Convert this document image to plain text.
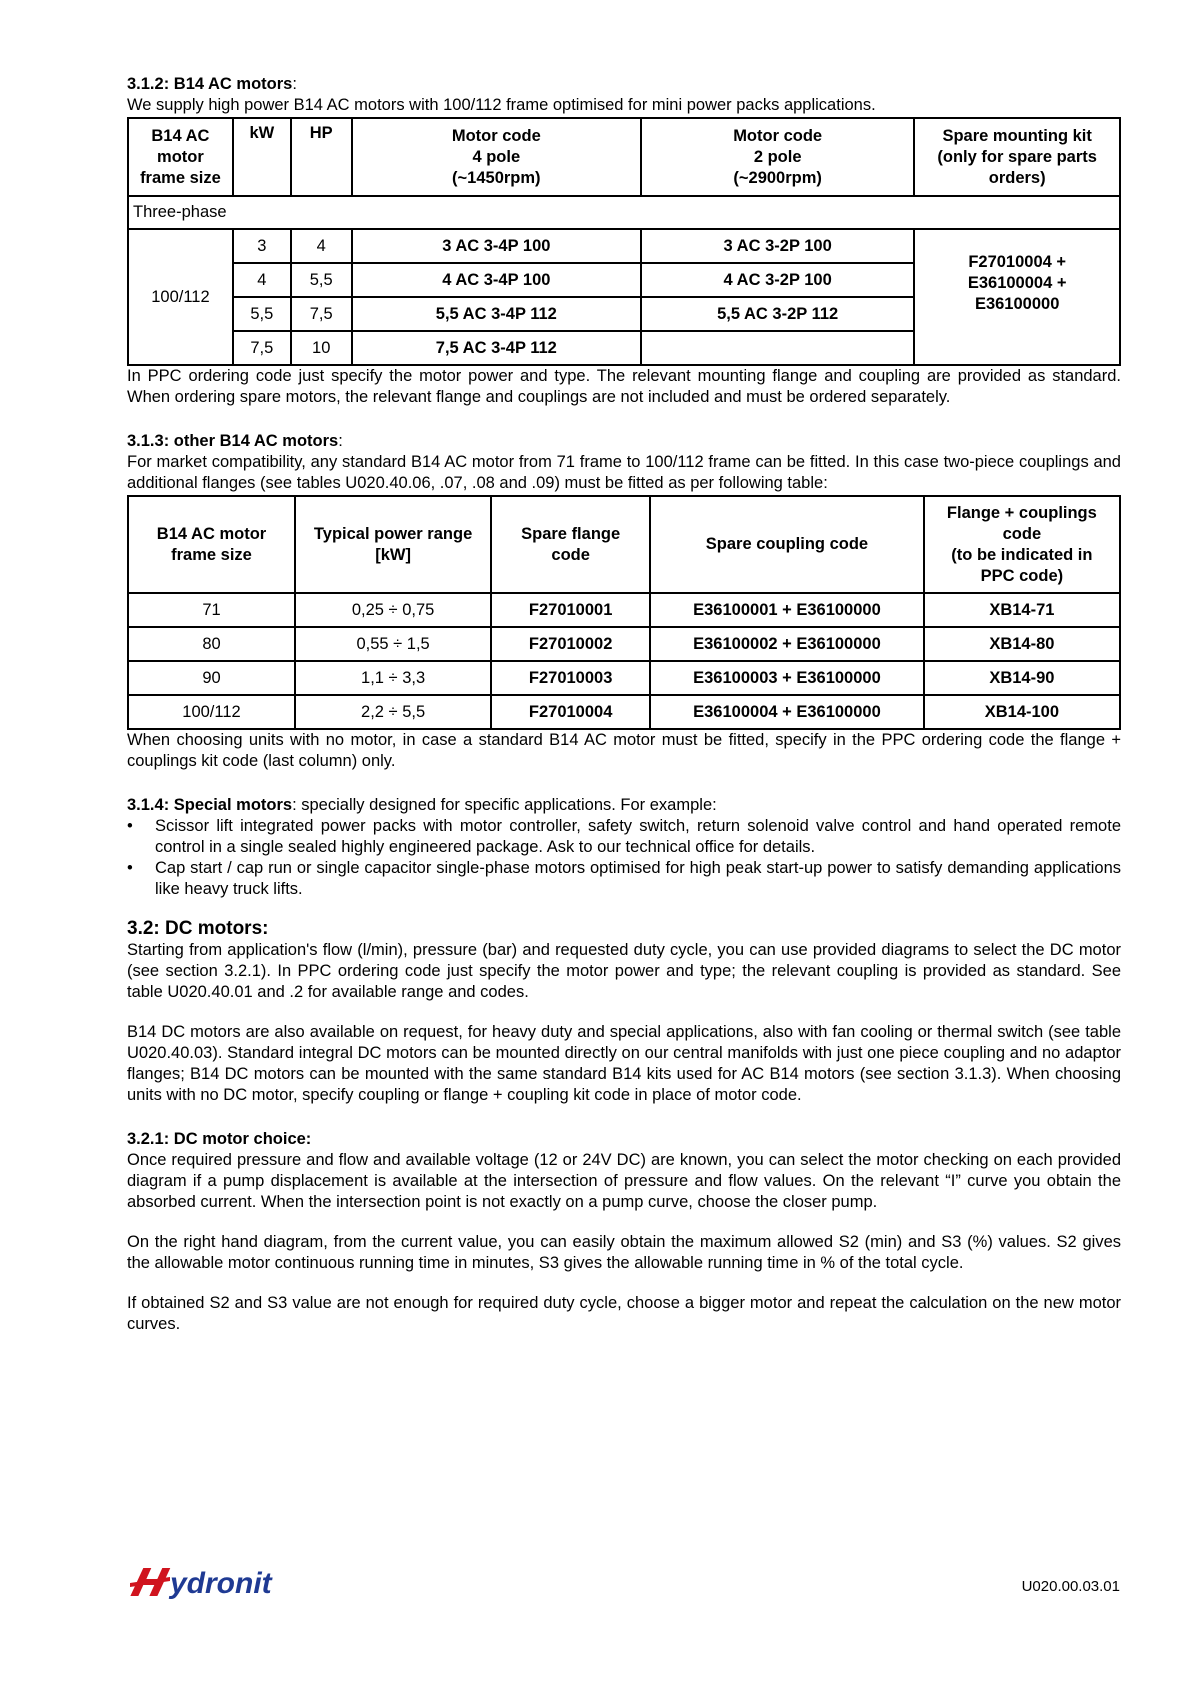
3.1.2: B14 AC motors:

We supply high power B14 AC motors with 100/112 frame optimised for mini power packs applications.

B14 AC
motor
frame size	kW	HP	Motor code
4 pole
(~1450rpm)	Motor code
2 pole
(~2900rpm)	Spare mounting kit
(only for spare parts
orders)
Three-phase					
100/112	3	4	3 AC 3-4P 100	3 AC 3-2P 100	F27010004 +
E36100004 +
E36100000
	4	5,5	4 AC 3-4P 100	4 AC 3-2P 100	
	5,5	7,5	5,5 AC 3-4P 112	5,5 AC 3-2P 112	
	7,5	10	7,5 AC 3-4P 112		

In PPC ordering code just specify the motor power and type. The relevant mounting flange and coupling are provided as standard. When ordering spare motors, the relevant flange and couplings are not included and must be ordered separately.

3.1.3: other B14 AC motors:

For market compatibility, any standard B14 AC motor from 71 frame to 100/112 frame can be fitted. In this case two-piece couplings and additional flanges (see tables U020.40.06, .07, .08 and .09) must be fitted as per following table:

B14 AC motor
frame size	Typical power range
[kW]	Spare flange
code	Spare coupling code	Flange + couplings
code
(to be indicated in
PPC code)
71	0,25 ÷ 0,75	F27010001	E36100001 + E36100000	XB14-71
80	0,55 ÷ 1,5	F27010002	E36100002 + E36100000	XB14-80
90	1,1 ÷ 3,3	F27010003	E36100003 + E36100000	XB14-90
100/112	2,2 ÷ 5,5	F27010004	E36100004 + E36100000	XB14-100

When choosing units with no motor, in case a standard B14 AC motor must be fitted, specify in the PPC ordering code the flange + couplings kit code (last column) only.

3.1.4: Special motors: specially designed for specific applications. For example:

• Scissor lift integrated power packs with motor controller, safety switch, return solenoid valve control and hand operated remote control in a single sealed highly engineered package. Ask to our technical office for details.
• Cap start / cap run or single capacitor single-phase motors optimised for high peak start-up power to satisfy demanding applications like heavy truck lifts.

3.2: DC motors:

Starting from application's flow (l/min), pressure (bar) and requested duty cycle, you can use provided diagrams to select the DC motor (see section 3.2.1). In PPC ordering code just specify the motor power and type; the relevant coupling is provided as standard. See table U020.40.01 and .2 for available range and codes.

B14 DC motors are also available on request, for heavy duty and special applications, also with fan cooling or thermal switch (see table U020.40.03). Standard integral DC motors can be mounted directly on our central manifolds with just one piece coupling and no adaptor flanges; B14 DC motors can be mounted with the same standard B14 kits used for AC B14 motors (see section 3.1.3). When choosing units with no DC motor, specify coupling or flange + coupling kit code in place of motor code.

3.2.1: DC motor choice:

Once required pressure and flow and available voltage (12 or 24V DC) are known, you can select the motor checking on each provided diagram if a pump displacement is available at the intersection of pressure and flow values. On the relevant “I” curve you obtain the absorbed current. When the intersection point is not exactly on a pump curve, choose the closer pump.

On the right hand diagram, from the current value, you can easily obtain the maximum allowed S2 (min) and S3 (%) values. S2 gives the allowable motor continuous running time in minutes, S3 gives the allowable running time in % of the total cycle.

If obtained S2 and S3 value are not enough for required duty cycle, choose a bigger motor and repeat the calculation on the new motor curves.

ydronit	U020.00.03.01
